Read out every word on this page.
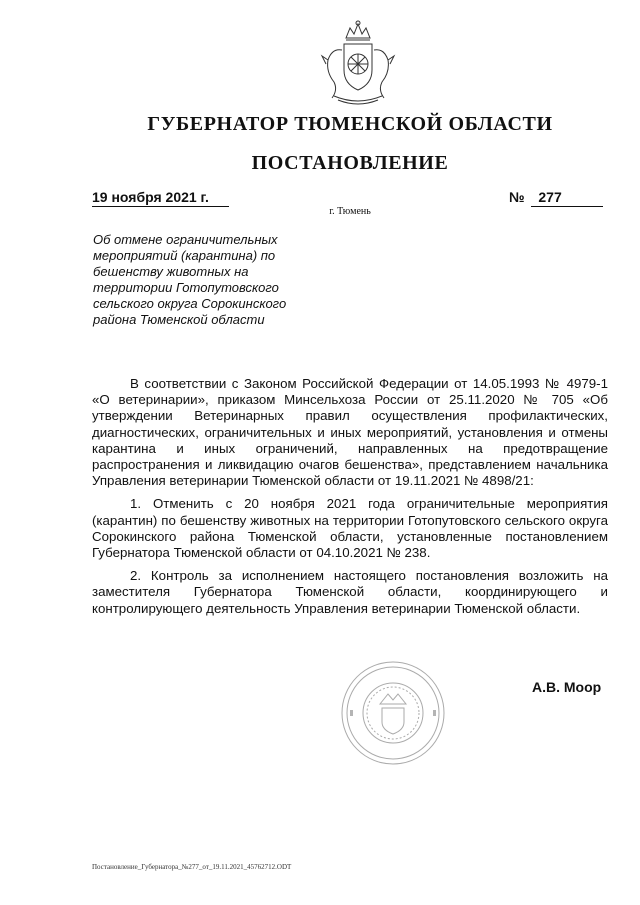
ГУБЕРНАТОР ТЮМЕНСКОЙ ОБЛАСТИ
ПОСТАНОВЛЕНИЕ
19 ноября 2021 г.	№ 277
г. Тюмень
Об отмене ограничительных мероприятий (карантина) по бешенству животных на территории Готопутовского сельского округа Сорокинского района Тюменской области

В соответствии с Законом Российской Федерации от 14.05.1993 № 4979-1 «О ветеринарии», приказом Минсельхоза России от 25.11.2020 № 705 «Об утверждении Ветеринарных правил осуществления профилактических, диагностических, ограничительных и иных мероприятий, установления и отмены карантина и иных ограничений, направленных на предотвращение распространения и ликвидацию очагов бешенства», представлением начальника Управления ветеринарии Тюменской области от 19.11.2021 № 4898/21:

1. Отменить с 20 ноября 2021 года ограничительные мероприятия (карантин) по бешенству животных на территории Готопутовского сельского округа Сорокинского района Тюменской области, установленные постановлением Губернатора Тюменской области от 04.10.2021 № 238.

2. Контроль за исполнением настоящего постановления возложить на заместителя Губернатора Тюменской области, координирующего и контролирующего деятельность Управления ветеринарии Тюменской области.

А.В. Моор
Постановление_Губернатора_№277_от_19.11.2021_45762712.ODT
